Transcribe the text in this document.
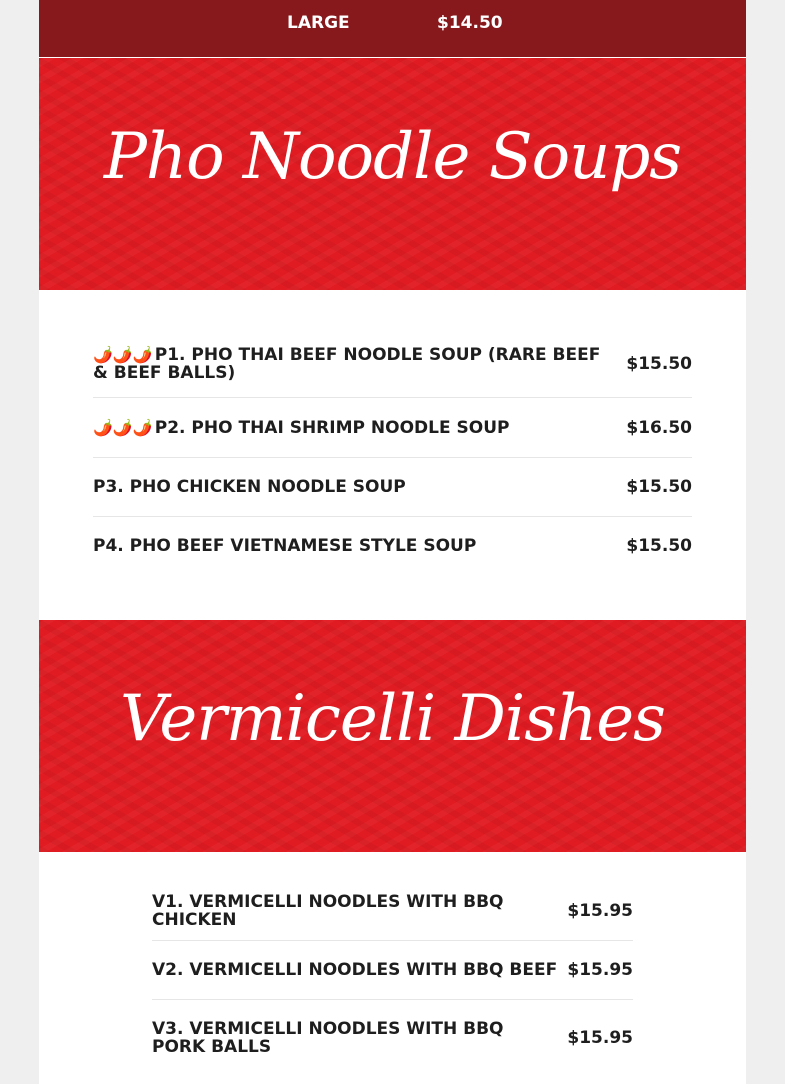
LARGE	$14.50
Pho Noodle Soups
🌶️🌶️🌶️ P1. PHO THAI BEEF NOODLE SOUP (RARE BEEF & BEEF BALLS)	$15.50
🌶️🌶️🌶️ P2. PHO THAI SHRIMP NOODLE SOUP	$16.50
P3. PHO CHICKEN NOODLE SOUP	$15.50
P4. PHO BEEF VIETNAMESE STYLE SOUP	$15.50
Vermicelli Dishes
V1. VERMICELLI NOODLES WITH BBQ CHICKEN	$15.95
V2. VERMICELLI NOODLES WITH BBQ BEEF $15.95
V3. VERMICELLI NOODLES WITH BBQ PORK BALLS	$15.95
